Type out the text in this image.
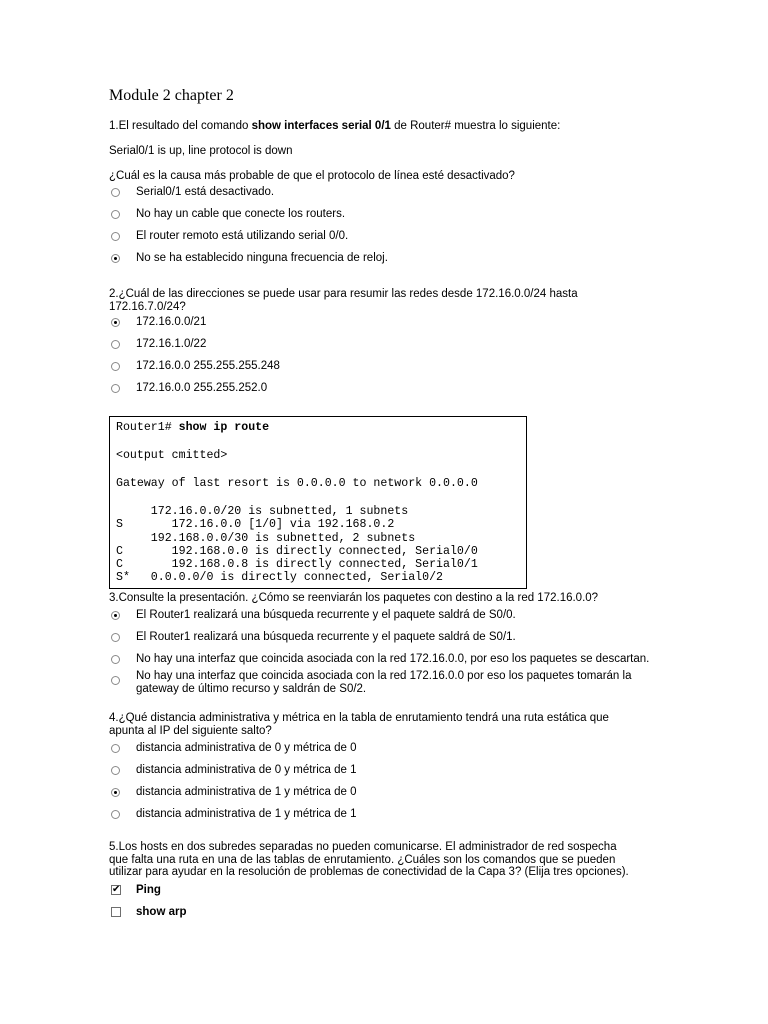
Module 2 chapter 2
1.El resultado del comando show interfaces serial 0/1 de Router# muestra lo siguiente:
Serial0/1 is up, line protocol is down
¿Cuál es la causa más probable de que el protocolo de línea esté desactivado?
Serial0/1 está desactivado.
No hay un cable que conecte los routers.
El router remoto está utilizando serial 0/0.
No se ha establecido ninguna frecuencia de reloj.
2.¿Cuál de las direcciones se puede usar para resumir las redes desde 172.16.0.0/24 hasta 172.16.7.0/24?
172.16.0.0/21
172.16.1.0/22
172.16.0.0 255.255.255.248
172.16.0.0 255.255.252.0
Router1# show ip route
<output cmitted>
Gateway of last resort is 0.0.0.0 to network 0.0.0.0
172.16.0.0/20 is subnetted, 1 subnets
S       172.16.0.0 [1/0] via 192.168.0.2
192.168.0.0/30 is subnetted, 2 subnets
C       192.168.0.0 is directly connected, Serial0/0
C       192.168.0.8 is directly connected, Serial0/1
S*   0.0.0.0/0 is directly connected, Serial0/2
3.Consulte la presentación. ¿Cómo se reenviarán los paquetes con destino a la red 172.16.0.0?
El Router1 realizará una búsqueda recurrente y el paquete saldrá de S0/0.
El Router1 realizará una búsqueda recurrente y el paquete saldrá de S0/1.
No hay una interfaz que coincida asociada con la red 172.16.0.0, por eso los paquetes se descartan.
No hay una interfaz que coincida asociada con la red 172.16.0.0 por eso los paquetes tomarán la gateway de último recurso y saldrán de S0/2.
4.¿Qué distancia administrativa y métrica en la tabla de enrutamiento tendrá una ruta estática que apunta al IP del siguiente salto?
distancia administrativa de 0 y métrica de 0
distancia administrativa de 0 y métrica de 1
distancia administrativa de 1 y métrica de 0
distancia administrativa de 1 y métrica de 1
5.Los hosts en dos subredes separadas no pueden comunicarse. El administrador de red sospecha que falta una ruta en una de las tablas de enrutamiento. ¿Cuáles son los comandos que se pueden utilizar para ayudar en la resolución de problemas de conectividad de la Capa 3? (Elija tres opciones).
✔ Ping
show arp
